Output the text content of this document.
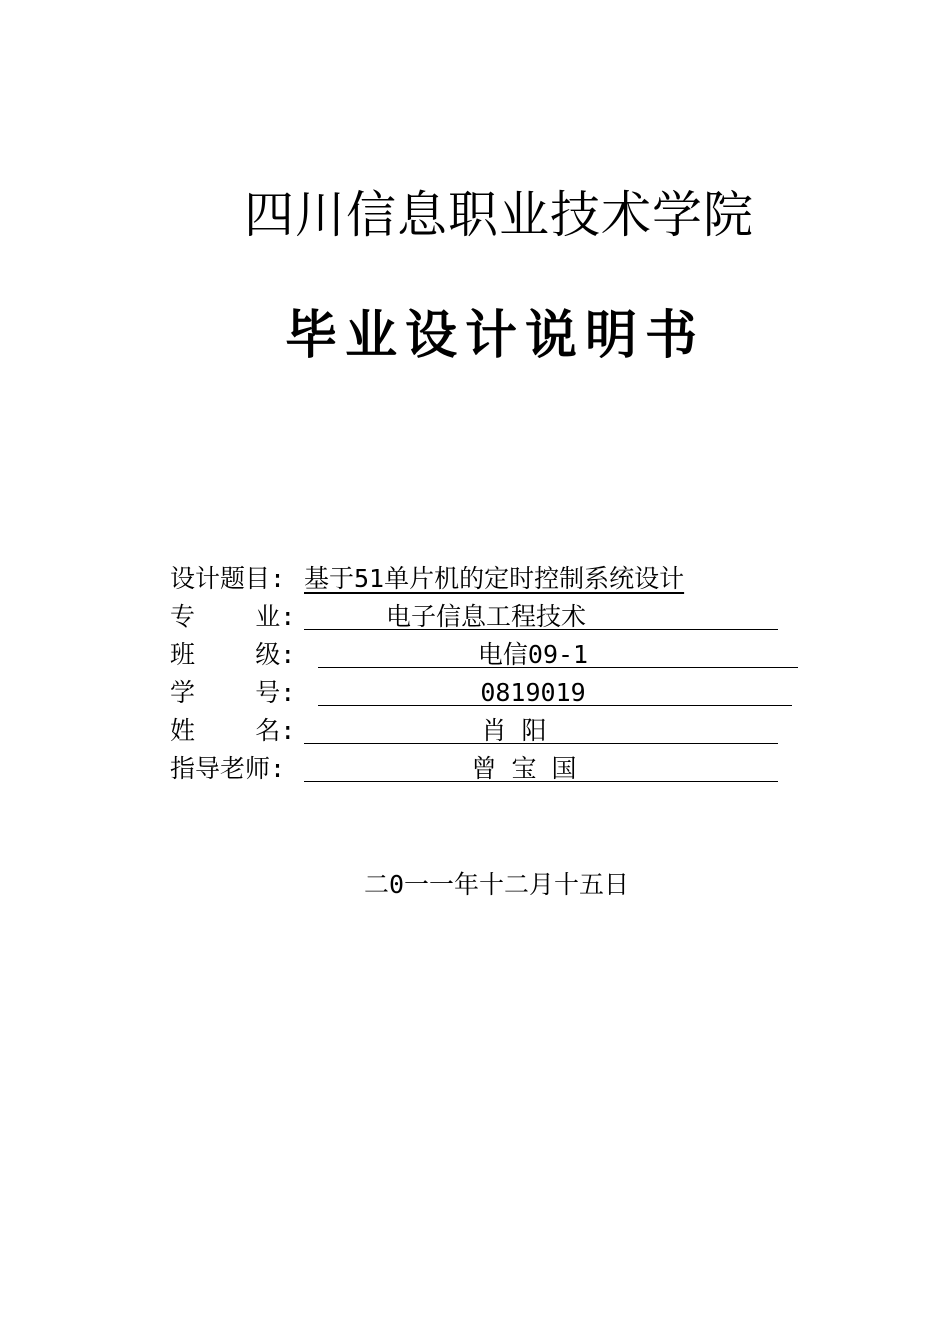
四川信息职业技术学院
毕业设计说明书
设计题目: 基于51单片机的定时控制系统设计
专    业:	电子信息工程技术
班    级:	电信09-1
学    号:	0819019
姓    名:	肖 阳
指导老师:	曾 宝 国
二0一一年十二月十五日
